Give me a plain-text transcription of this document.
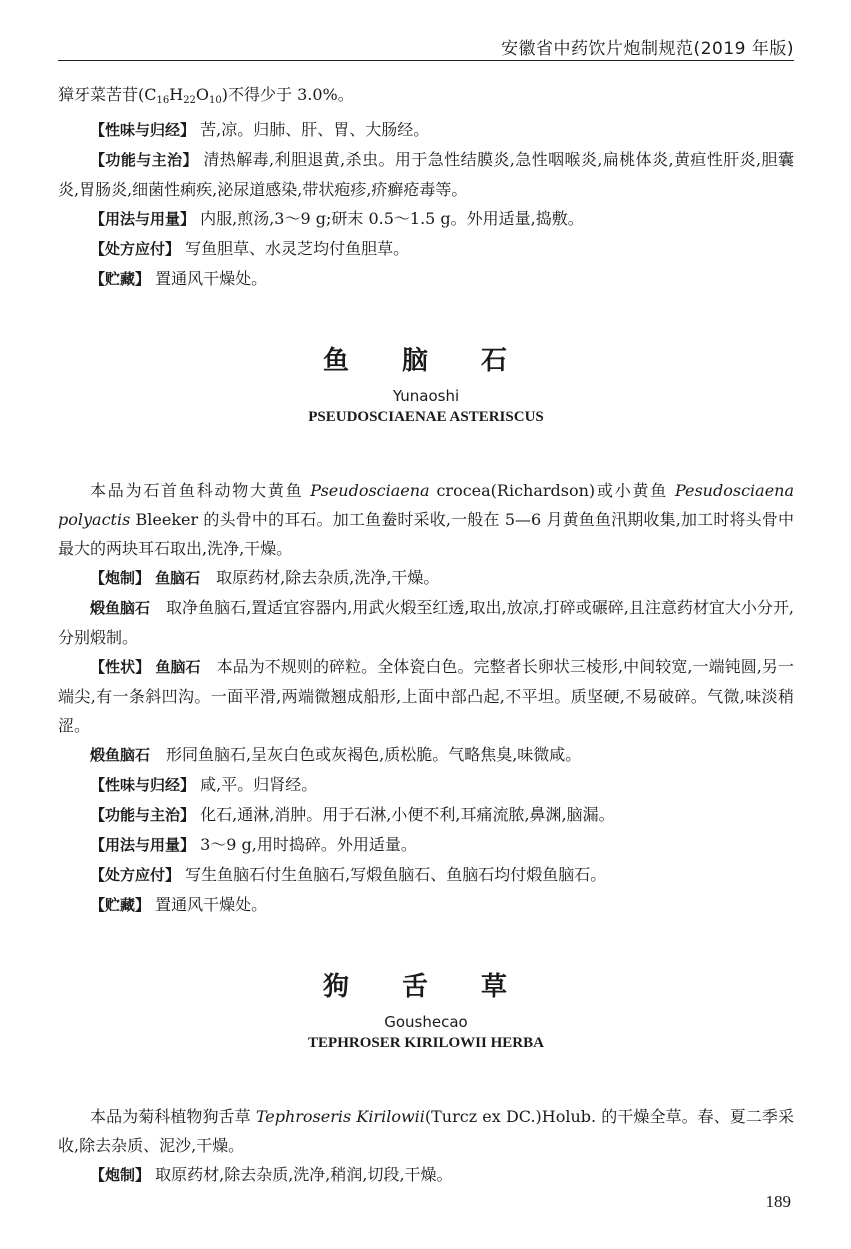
安徽省中药饮片炮制规范(2019 年版)

獐牙菜苦苷$(C_{16}H_{22}O_{10})$不得少于 3.0%。

【性味与归经】 苦,凉。归肺、肝、胃、大肠经。

【功能与主治】 清热解毒,利胆退黄,杀虫。用于急性结膜炎,急性咽喉炎,扁桃体炎,黄疸性肝炎,胆囊炎,胃肠炎,细菌性痢疾,泌尿道感染,带状疱疹,疥癣疮毒等。

【用法与用量】 内服,煎汤,3～9 g;研末 0.5～1.5 g。外用适量,捣敷。

【处方应付】 写鱼胆草、水灵芝均付鱼胆草。

【贮藏】 置通风干燥处。

鱼 脑 石

Yunaoshi

PSEUDOSCIAENAE ASTERISCUS

本品为石首鱼科动物大黄鱼 Pseudosciaena crocea(Richardson)或小黄鱼 Pesudosciaena polyactis Bleeker 的头骨中的耳石。加工鱼鲞时采收,一般在 5—6 月黄鱼鱼汛期收集,加工时将头骨中最大的两块耳石取出,洗净,干燥。

【炮制】 鱼脑石　 取原药材,除去杂质,洗净,干燥。

煅鱼脑石　 取净鱼脑石,置适宜容器内,用武火煅至红透,取出,放凉,打碎或碾碎,且注意药材宜大小分开,分别煅制。

【性状】 鱼脑石　 本品为不规则的碎粒。全体瓷白色。完整者长卵状三棱形,中间较宽,一端钝圆,另一端尖,有一条斜凹沟。一面平滑,两端微翘成船形,上面中部凸起,不平坦。质坚硬,不易破碎。气微,味淡稍涩。

煅鱼脑石　 形同鱼脑石,呈灰白色或灰褐色,质松脆。气略焦臭,味微咸。

【性味与归经】 咸,平。归肾经。

【功能与主治】 化石,通淋,消肿。用于石淋,小便不利,耳痛流脓,鼻渊,脑漏。

【用法与用量】 3～9 g,用时捣碎。外用适量。

【处方应付】 写生鱼脑石付生鱼脑石,写煅鱼脑石、鱼脑石均付煅鱼脑石。

【贮藏】 置通风干燥处。

狗 舌 草

Goushecao

TEPHROSER KIRILOWII HERBA

本品为菊科植物狗舌草 Tephroseris Kirilowii(Turcz ex DC.)Holub. 的干燥全草。春、夏二季采收,除去杂质、泥沙,干燥。

【炮制】 取原药材,除去杂质,洗净,稍润,切段,干燥。

189
